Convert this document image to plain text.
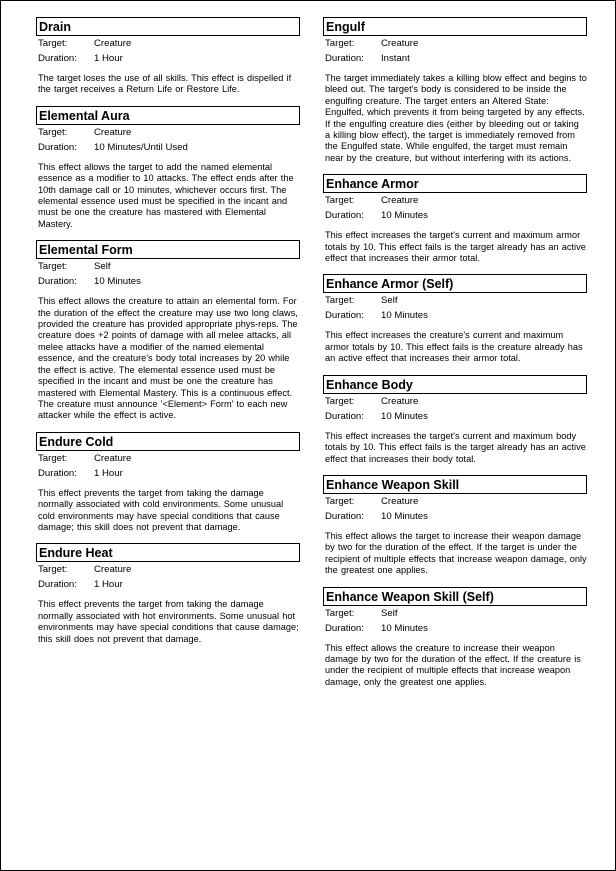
Drain
Target:	Creature
Duration:	1 Hour

The target loses the use of all skills. This effect is dispelled if the target receives a Return Life or Restore Life.

Elemental Aura
Target:	Creature
Duration:	10 Minutes/Until Used

This effect allows the target to add the named elemental essence as a modifier to 10 attacks. The effect ends after the 10th damage call or 10 minutes, whichever occurs first. The elemental essence used must be specified in the incant and must be one the creature has mastered with Elemental Mastery.

Elemental Form
Target:	Self
Duration:	10 Minutes

This effect allows the creature to attain an elemental form. For the duration of the effect the creature may use two long claws, provided the creature has provided appropriate phys-reps. The creature does +2 points of damage with all melee attacks, all melee attacks have a modifier of the named elemental essence, and the creature's body total increases by 20 while the effect is active. The elemental essence used must be specified in the incant and must be one the creature has mastered with Elemental Mastery. This is a continuous effect. The creature must announce '<Element> Form' to each new attacker while the effect is active.

Endure Cold
Target:	Creature
Duration:	1 Hour

This effect prevents the target from taking the damage normally associated with cold environments. Some unusual cold environments may have special conditions that cause damage; this skill does not prevent that damage.

Endure Heat
Target:	Creature
Duration:	1 Hour

This effect prevents the target from taking the damage normally associated with hot environments. Some unusual hot environments may have special conditions that cause damage; this skill does not prevent that damage.

Engulf
Target:	Creature
Duration:	Instant

The target immediately takes a killing blow effect and begins to bleed out. The target's body is considered to be inside the engulfing creature. The target enters an Altered State: Engulfed, which prevents it from being targeted by any effects. If the engulfing creature dies (either by bleeding out or taking a killing blow effect), the target is immediately removed from the Engulfed state. While engulfed, the target must remain near by the creature, but without interfering with its actions.

Enhance Armor
Target:	Creature
Duration:	10 Minutes

This effect increases the target's current and maximum armor totals by 10. This effect fails is the target already has an active effect that increases their armor total.

Enhance Armor (Self)
Target:	Self
Duration:	10 Minutes

This effect increases the creature's current and maximum armor totals by 10. This effect fails is the creature already has an active effect that increases their armor total.

Enhance Body
Target:	Creature
Duration:	10 Minutes

This effect increases the target's current and maximum body totals by 10. This effect fails is the target already has an active effect that increases their body total.

Enhance Weapon Skill
Target:	Creature
Duration:	10 Minutes

This effect allows the target to increase their weapon damage by two for the duration of the effect. If the target is under the recipient of multiple effects that increase weapon damage, only the greatest one applies.

Enhance Weapon Skill (Self)
Target:	Self
Duration:	10 Minutes

This effect allows the creature to increase their weapon damage by two for the duration of the effect. If the creature is under the recipient of multiple effects that increase weapon damage, only the greatest one applies.
